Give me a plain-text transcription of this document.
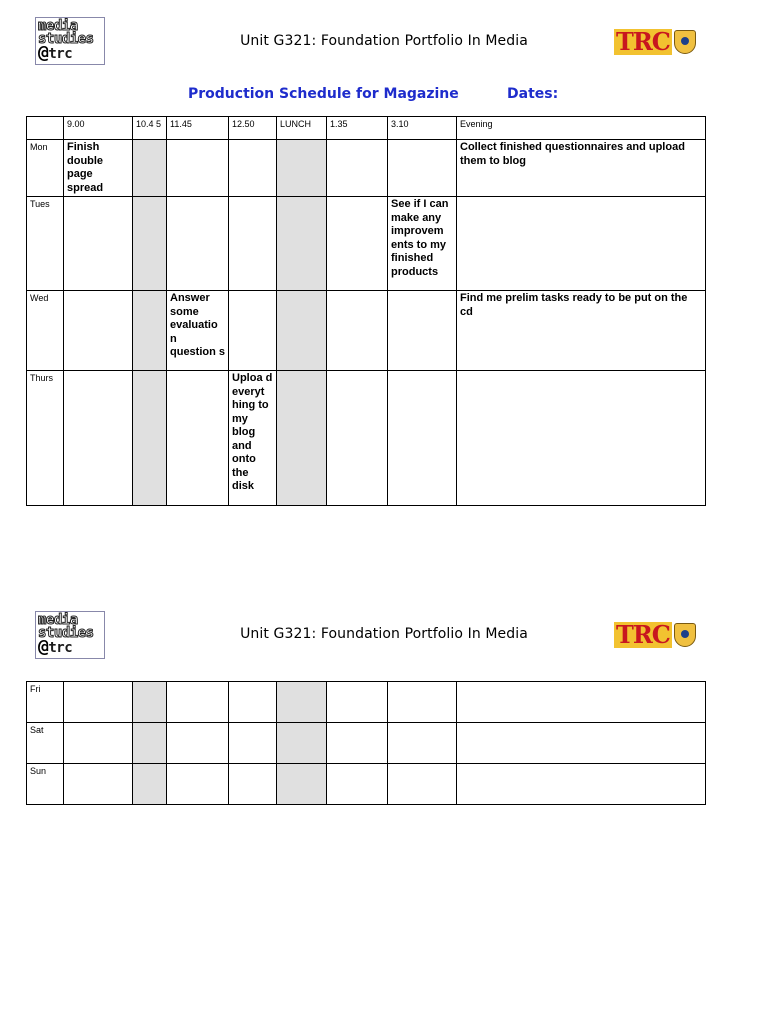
media
studies
@trc
Unit G321: Foundation Portfolio In Media	TRC
Production Schedule for Magazine	Dates:
	9.00	10.4 5	11.45	12.50	LUNCH	1.35	3.10	Evening
Mon	Finish double page spread							Collect finished questionnaires and upload them to blog
Tues							See if I can make any improvem ents to my finished products	
Wed			Answer some evaluatio n question s					Find me prelim tasks ready to be put on the cd
Thurs				Uploa d everyt hing to my blog and onto the disk				
media
studies
@trc
Unit G321: Foundation Portfolio In Media	TRC
Fri								
Sat								
Sun								
